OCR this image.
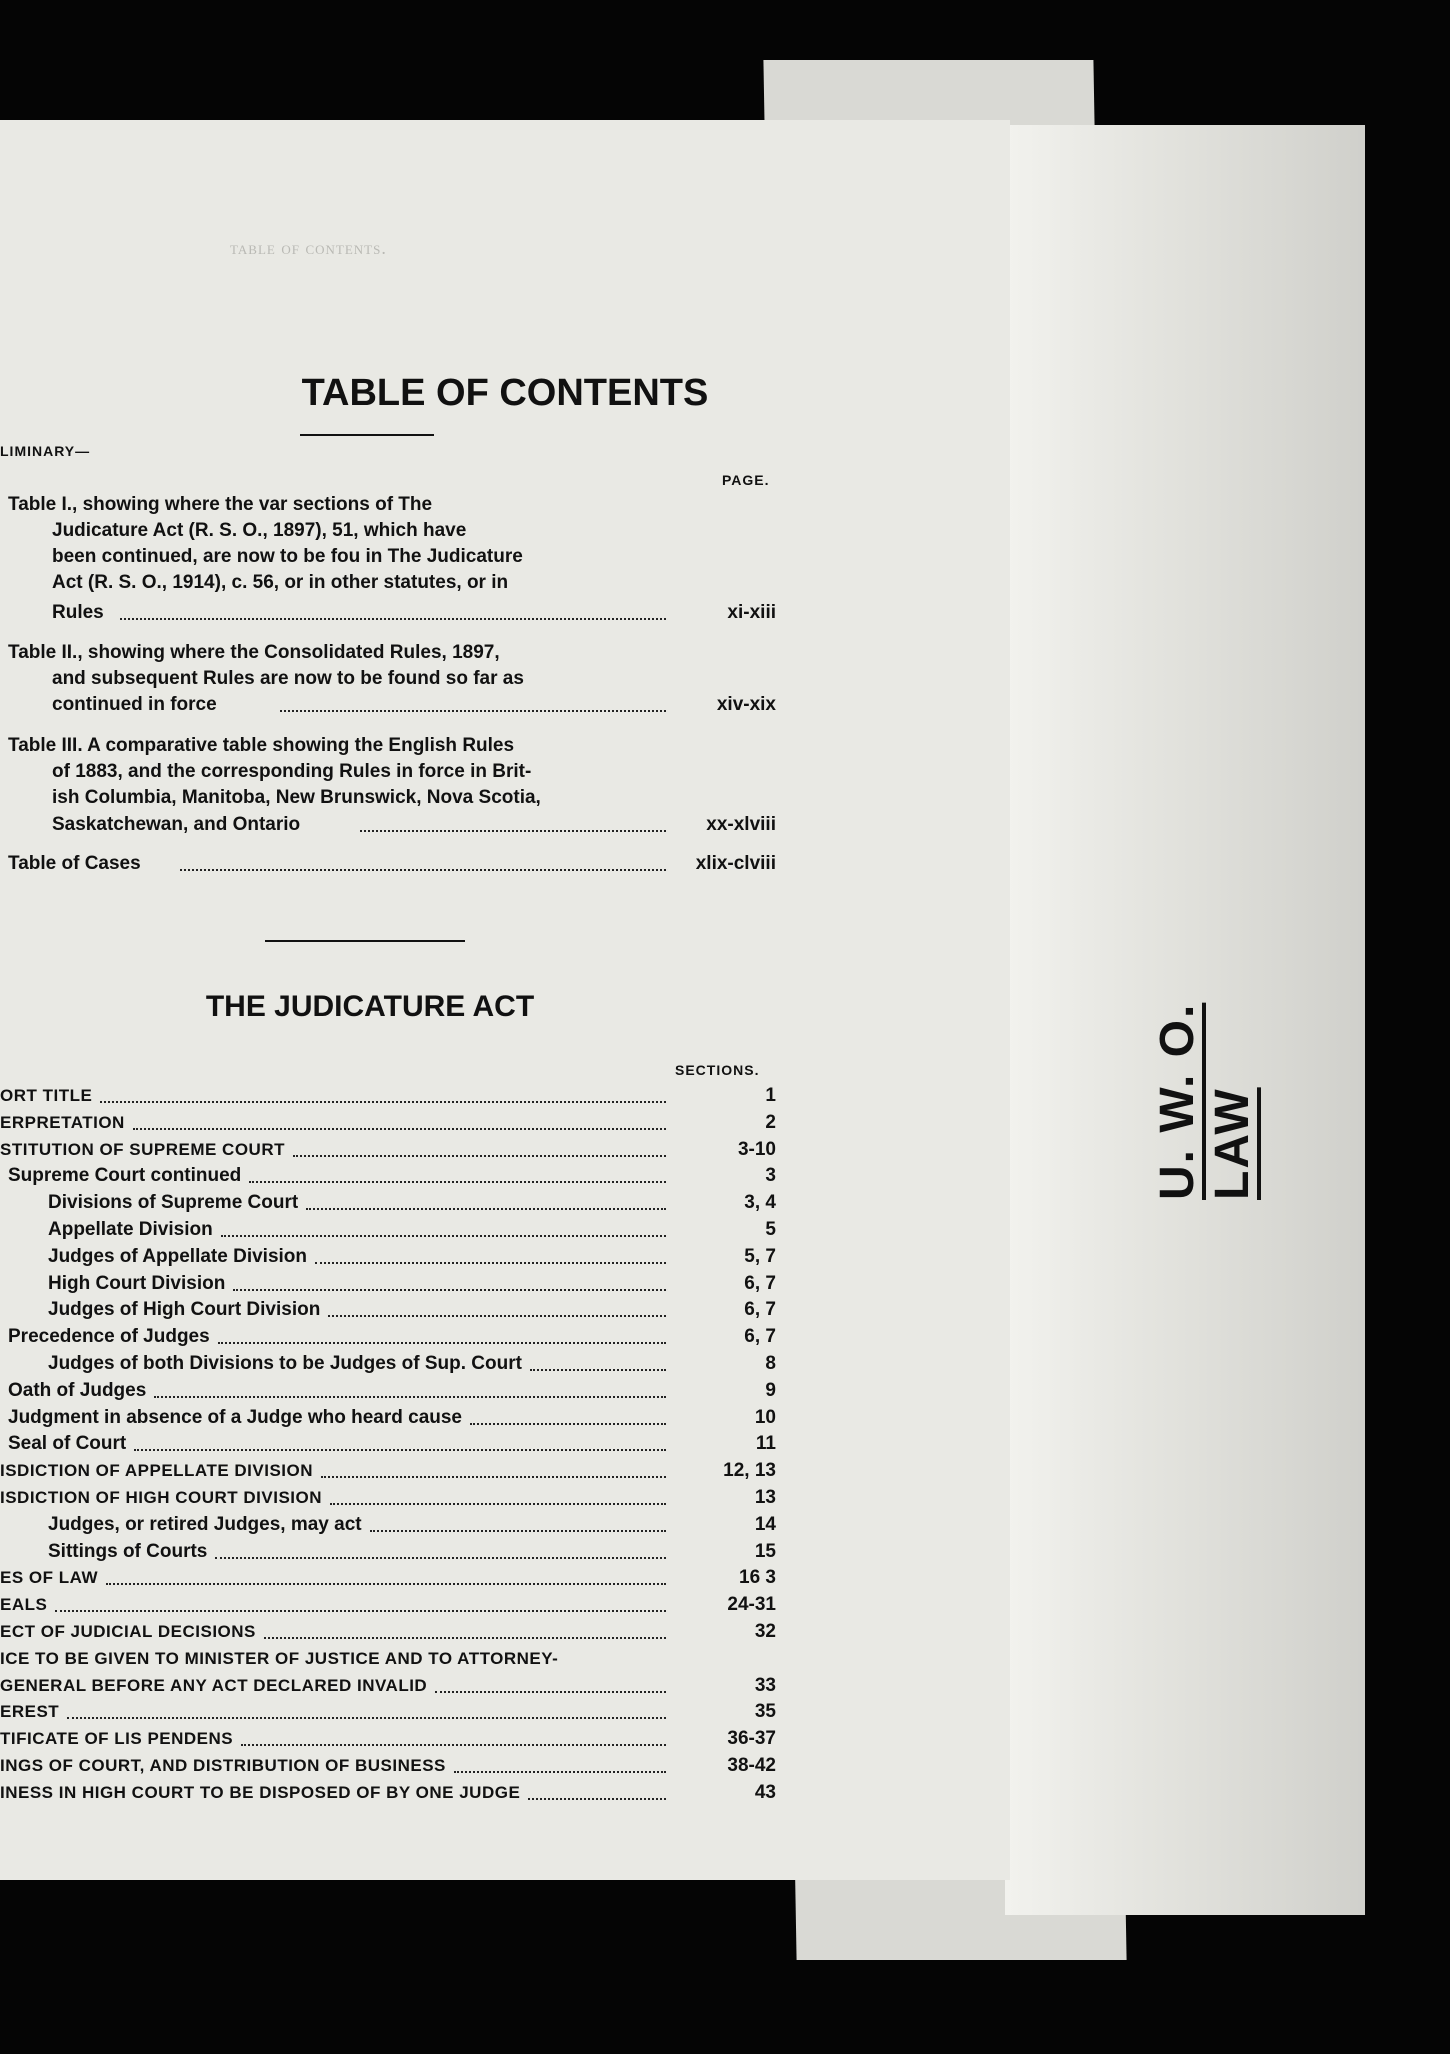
table of contents.
TABLE OF CONTENTS
LIMINARY—
PAGE.
Table I., showing where the var sections of The
Judicature Act (R. S. O., 1897), 51, which have
been continued, are now to be fou in The Judicature
Act (R. S. O., 1914), c. 56, or in other statutes, or in
Rules	xi-xiii
Table II., showing where the Consolidated Rules, 1897,
and subsequent Rules are now to be found so far as
continued in force	xiv-xix
Table III. A comparative table showing the English Rules
of 1883, and the corresponding Rules in force in Brit-
ish Columbia, Manitoba, New Brunswick, Nova Scotia,
Saskatchewan, and Ontario	xx-xlviii
Table of Cases	xlix-clviii
THE JUDICATURE ACT
SECTIONS.
ORT TITLE	1
ERPRETATION	2
STITUTION OF SUPREME COURT	3-10
Supreme Court continued	3
Divisions of Supreme Court	3, 4
Appellate Division	5
Judges of Appellate Division	5, 7
High Court Division	6, 7
Judges of High Court Division	6, 7
Precedence of Judges	6, 7
Judges of both Divisions to be Judges of Sup. Court	8
Oath of Judges	9
Judgment in absence of a Judge who heard cause	10
Seal of Court	11
ISDICTION OF APPELLATE DIVISION	12, 13
ISDICTION OF HIGH COURT DIVISION	13
Judges, or retired Judges, may act	14
Sittings of Courts	15
ES OF LAW	16 3
EALS	24-31
ECT OF JUDICIAL DECISIONS	32
ICE TO BE GIVEN TO MINISTER OF JUSTICE AND TO ATTORNEY-
GENERAL BEFORE ANY ACT DECLARED INVALID	33
EREST	35
TIFICATE OF LIS PENDENS	36-37
INGS OF COURT, AND DISTRIBUTION OF BUSINESS	38-42
INESS IN HIGH COURT TO BE DISPOSED OF BY ONE JUDGE	43
U. W. O. LAW
